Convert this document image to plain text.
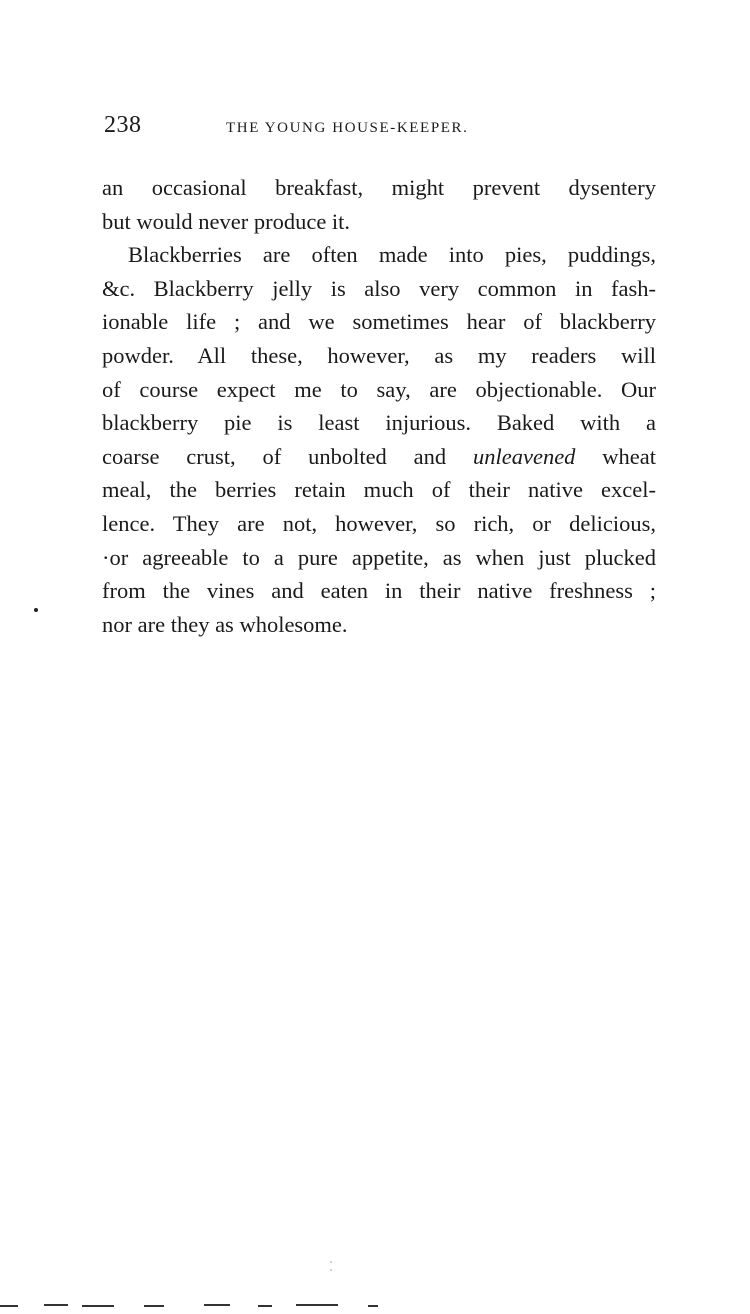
238	THE YOUNG HOUSE-KEEPER.
an occasional breakfast, might prevent dysentery
but would never produce it.
Blackberries are often made into pies, puddings,
&c. Blackberry jelly is also very common in fash-
ionable life ; and we sometimes hear of blackberry
powder. All these, however, as my readers will
of course expect me to say, are objectionable. Our
blackberry pie is least injurious. Baked with a
coarse crust, of unbolted and unleavened wheat
meal, the berries retain much of their native excel-
lence. They are not, however, so rich, or delicious,
·or agreeable to a pure appetite, as when just plucked
from the vines and eaten in their native freshness ;
nor are they as wholesome.
